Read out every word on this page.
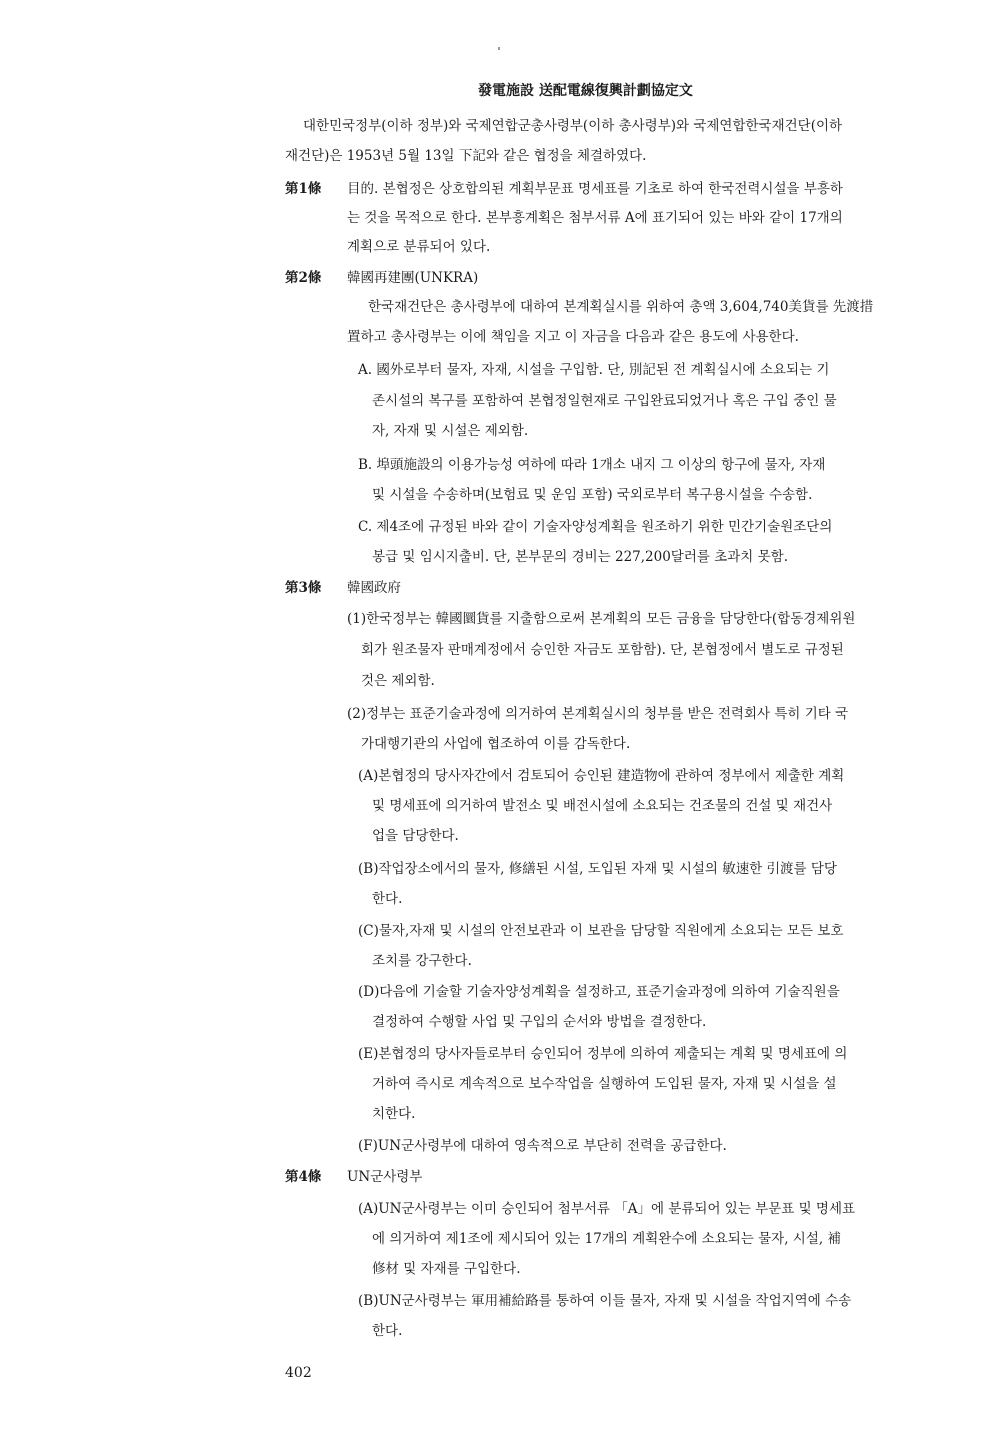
發電施設 送配電線復興計劃協定文
대한민국정부(이하 정부)와 국제연합군총사령부(이하 총사령부)와 국제연합한국재건단(이하
재건단)은 1953년 5월 13일 下記와 같은 협정을 체결하였다.
第1條 目的. 본협정은 상호합의된 계획부문표 명세표를 기초로 하여 한국전력시설을 부흥하
는 것을 목적으로 한다. 본부흥계획은 첨부서류 A에 표기되어 있는 바와 같이 17개의
계획으로 분류되어 있다.
第2條 韓國再建團(UNKRA)
한국재건단은 총사령부에 대하여 본계획실시를 위하여 총액 3,604,740美貨를 先渡措
置하고 총사령부는 이에 책임을 지고 이 자금을 다음과 같은 용도에 사용한다.
A. 國外로부터 물자, 자재, 시설을 구입함. 단, 別記된 전 계획실시에 소요되는 기
존시설의 복구를 포함하여 본협정일현재로 구입완료되었거나 혹은 구입 중인 물
자, 자재 및 시설은 제외함.
B. 埠頭施設의 이용가능성 여하에 따라 1개소 내지 그 이상의 항구에 물자, 자재
및 시설을 수송하며(보험료 및 운임 포함) 국외로부터 복구용시설을 수송함.
C. 제4조에 규정된 바와 같이 기술자양성계획을 원조하기 위한 민간기술원조단의
봉급 및 임시지출비. 단, 본부문의 경비는 227,200달러를 초과치 못함.
第3條 韓國政府
(1)한국정부는 韓國圜貨를 지출함으로써 본계획의 모든 금융을 담당한다(합동경제위원
회가 원조물자 판매계정에서 승인한 자금도 포함함). 단, 본협정에서 별도로 규정된
것은 제외함.
(2)정부는 표준기술과정에 의거하여 본계획실시의 청부를 받은 전력회사 특히 기타 국
가대행기관의 사업에 협조하여 이를 감독한다.
(A)본협정의 당사자간에서 검토되어 승인된 建造物에 관하여 정부에서 제출한 계획
및 명세표에 의거하여 발전소 및 배전시설에 소요되는 건조물의 건설 및 재건사
업을 담당한다.
(B)작업장소에서의 물자, 修繕된 시설, 도입된 자재 및 시설의 敏速한 引渡를 담당
한다.
(C)물자,자재 및 시설의 안전보관과 이 보관을 담당할 직원에게 소요되는 모든 보호
조치를 강구한다.
(D)다음에 기술할 기술자양성계획을 설정하고, 표준기술과정에 의하여 기술직원을
결정하여 수행할 사업 및 구입의 순서와 방법을 결정한다.
(E)본협정의 당사자들로부터 승인되어 정부에 의하여 제출되는 계획 및 명세표에 의
거하여 즉시로 계속적으로 보수작업을 실행하여 도입된 물자, 자재 및 시설을 설
치한다.
(F)UN군사령부에 대하여 영속적으로 부단히 전력을 공급한다.
第4條 UN군사령부
(A)UN군사령부는 이미 승인되어 첨부서류 「A」에 분류되어 있는 부문표 및 명세표
에 의거하여 제1조에 제시되어 있는 17개의 계획완수에 소요되는 물자, 시설, 補
修材 및 자재를 구입한다.
(B)UN군사령부는 軍用補給路를 통하여 이들 물자, 자재 및 시설을 작업지역에 수송
한다.
402
